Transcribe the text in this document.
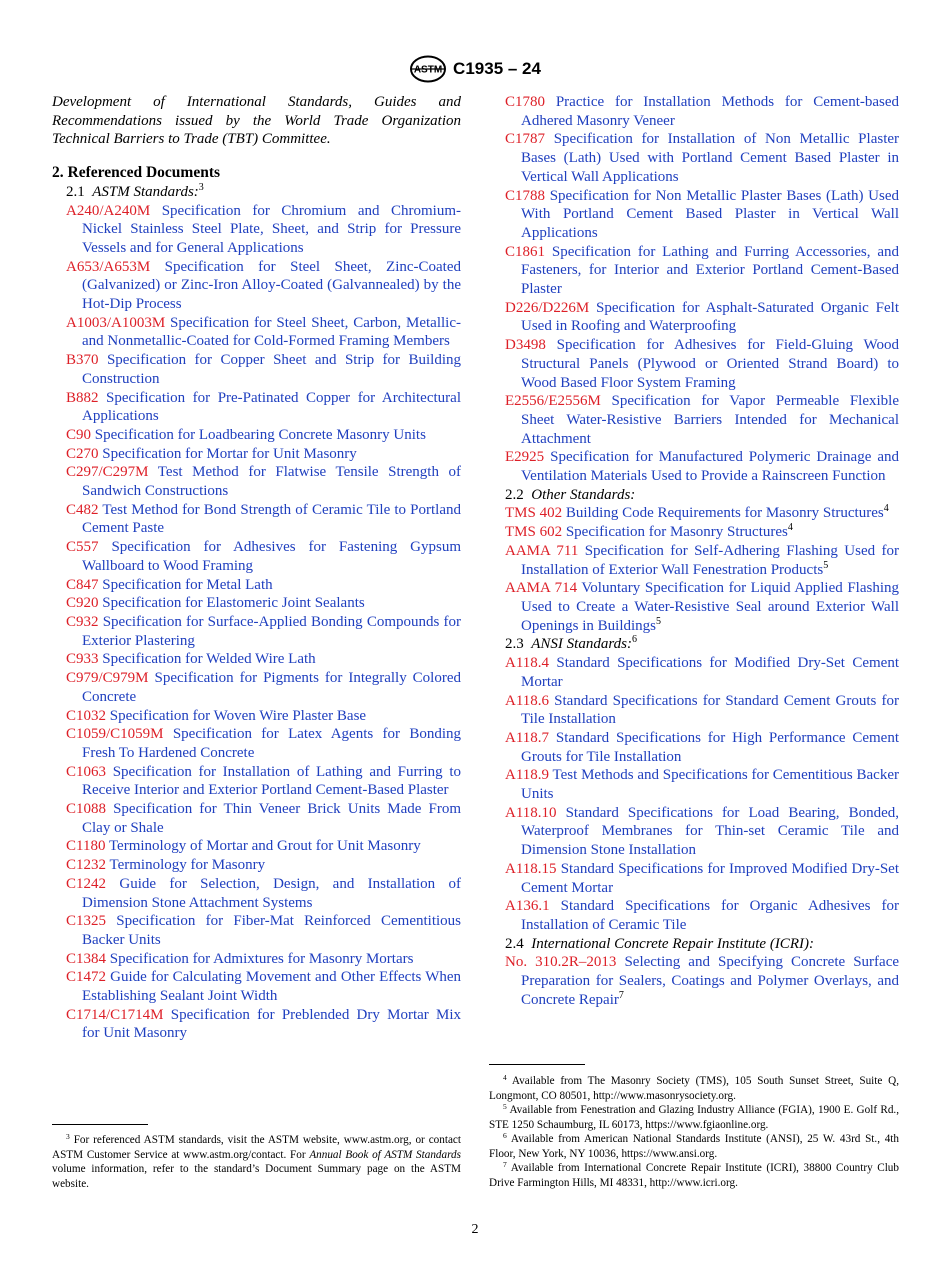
ASTM C1935 – 24

Development of International Standards, Guides and Recommendations issued by the World Trade Organization Technical Barriers to Trade (TBT) Committee.

2. Referenced Documents

2.1 ASTM Standards:$^3$

A240/A240M Specification for Chromium and Chromium-Nickel Stainless Steel Plate, Sheet, and Strip for Pressure Vessels and for General Applications

A653/A653M Specification for Steel Sheet, Zinc-Coated (Galvanized) or Zinc-Iron Alloy-Coated (Galvannealed) by the Hot-Dip Process

A1003/A1003M Specification for Steel Sheet, Carbon, Metallic- and Nonmetallic-Coated for Cold-Formed Framing Members

B370 Specification for Copper Sheet and Strip for Building Construction

B882 Specification for Pre-Patinated Copper for Architectural Applications

C90 Specification for Loadbearing Concrete Masonry Units

C270 Specification for Mortar for Unit Masonry

C297/C297M Test Method for Flatwise Tensile Strength of Sandwich Constructions

C482 Test Method for Bond Strength of Ceramic Tile to Portland Cement Paste

C557 Specification for Adhesives for Fastening Gypsum Wallboard to Wood Framing

C847 Specification for Metal Lath

C920 Specification for Elastomeric Joint Sealants

C932 Specification for Surface-Applied Bonding Compounds for Exterior Plastering

C933 Specification for Welded Wire Lath

C979/C979M Specification for Pigments for Integrally Colored Concrete

C1032 Specification for Woven Wire Plaster Base

C1059/C1059M Specification for Latex Agents for Bonding Fresh To Hardened Concrete

C1063 Specification for Installation of Lathing and Furring to Receive Interior and Exterior Portland Cement-Based Plaster

C1088 Specification for Thin Veneer Brick Units Made From Clay or Shale

C1180 Terminology of Mortar and Grout for Unit Masonry

C1232 Terminology for Masonry

C1242 Guide for Selection, Design, and Installation of Dimension Stone Attachment Systems

C1325 Specification for Fiber-Mat Reinforced Cementitious Backer Units

C1384 Specification for Admixtures for Masonry Mortars

C1472 Guide for Calculating Movement and Other Effects When Establishing Sealant Joint Width

C1714/C1714M Specification for Preblended Dry Mortar Mix for Unit Masonry

C1780 Practice for Installation Methods for Cement-based Adhered Masonry Veneer

C1787 Specification for Installation of Non Metallic Plaster Bases (Lath) Used with Portland Cement Based Plaster in Vertical Wall Applications

C1788 Specification for Non Metallic Plaster Bases (Lath) Used With Portland Cement Based Plaster in Vertical Wall Applications

C1861 Specification for Lathing and Furring Accessories, and Fasteners, for Interior and Exterior Portland Cement-Based Plaster

D226/D226M Specification for Asphalt-Saturated Organic Felt Used in Roofing and Waterproofing

D3498 Specification for Adhesives for Field-Gluing Wood Structural Panels (Plywood or Oriented Strand Board) to Wood Based Floor System Framing

E2556/E2556M Specification for Vapor Permeable Flexible Sheet Water-Resistive Barriers Intended for Mechanical Attachment

E2925 Specification for Manufactured Polymeric Drainage and Ventilation Materials Used to Provide a Rainscreen Function

2.2 Other Standards:

TMS 402 Building Code Requirements for Masonry Structures$^4$

TMS 602 Specification for Masonry Structures$^4$

AAMA 711 Specification for Self-Adhering Flashing Used for Installation of Exterior Wall Fenestration Products$^5$

AAMA 714 Voluntary Specification for Liquid Applied Flashing Used to Create a Water-Resistive Seal around Exterior Wall Openings in Buildings$^5$

2.3 ANSI Standards:$^6$

A118.4 Standard Specifications for Modified Dry-Set Cement Mortar

A118.6 Standard Specifications for Standard Cement Grouts for Tile Installation

A118.7 Standard Specifications for High Performance Cement Grouts for Tile Installation

A118.9 Test Methods and Specifications for Cementitious Backer Units

A118.10 Standard Specifications for Load Bearing, Bonded, Waterproof Membranes for Thin-set Ceramic Tile and Dimension Stone Installation

A118.15 Standard Specifications for Improved Modified Dry-Set Cement Mortar

A136.1 Standard Specifications for Organic Adhesives for Installation of Ceramic Tile

2.4 International Concrete Repair Institute (ICRI):

No. 310.2R–2013 Selecting and Specifying Concrete Surface Preparation for Sealers, Coatings and Polymer Overlays, and Concrete Repair$^7$

$^3$ For referenced ASTM standards, visit the ASTM website, www.astm.org, or contact ASTM Customer Service at www.astm.org/contact. For Annual Book of ASTM Standards volume information, refer to the standard’s Document Summary page on the ASTM website.

$^4$ Available from The Masonry Society (TMS), 105 South Sunset Street, Suite Q, Longmont, CO 80501, http://www.masonrysociety.org.

$^5$ Available from Fenestration and Glazing Industry Alliance (FGIA), 1900 E. Golf Rd., STE 1250 Schaumburg, IL 60173, https://www.fgiaonline.org.

$^6$ Available from American National Standards Institute (ANSI), 25 W. 43rd St., 4th Floor, New York, NY 10036, https://www.ansi.org.

$^7$ Available from International Concrete Repair Institute (ICRI), 38800 Country Club Drive Farmington Hills, MI 48331, http://www.icri.org.

2
